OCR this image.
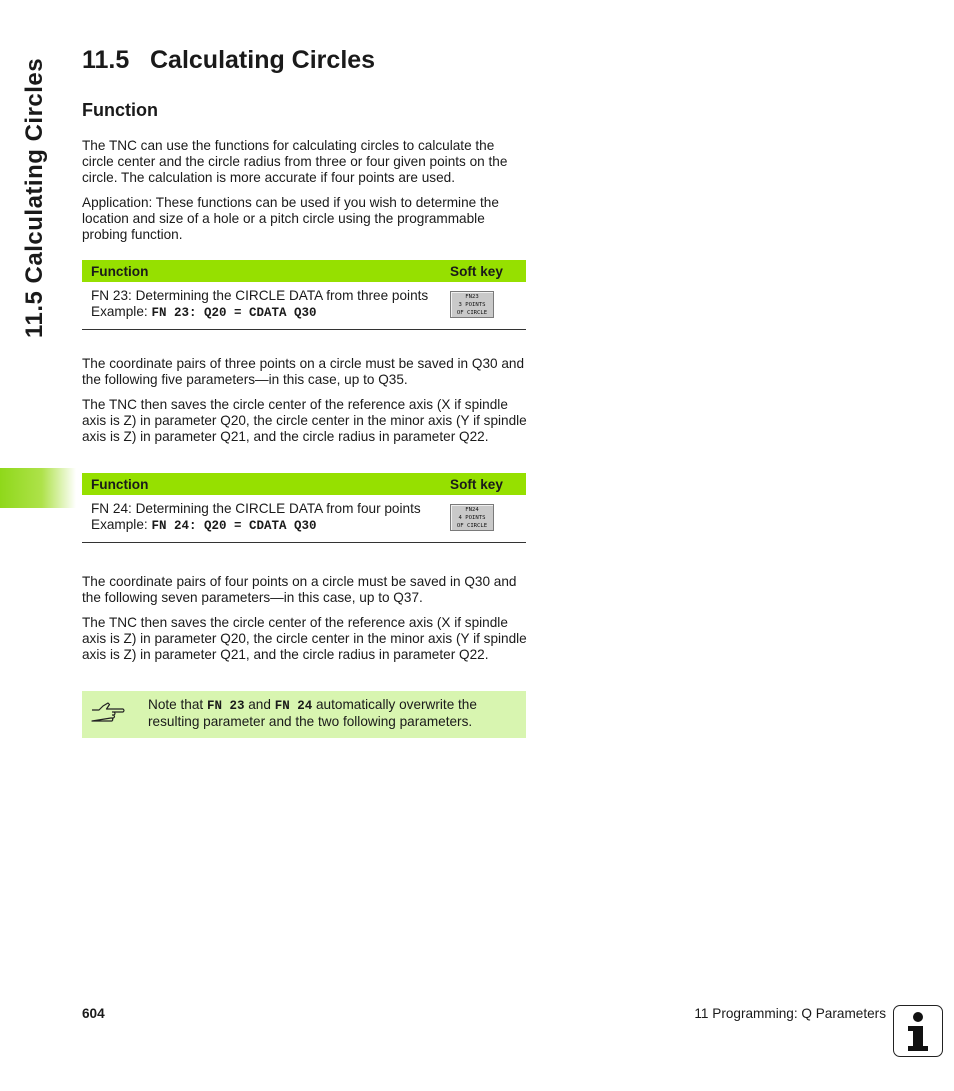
11.5 Calculating Circles 11.5 Calculating Circles
Function

The TNC can use the functions for calculating circles to calculate the circle center and the circle radius from three or four given points on the circle. The calculation is more accurate if four points are used.

Application: These functions can be used if you wish to determine the location and size of a hole or a pitch circle using the programmable probing function.

Function	Soft key
FN 23: Determining the CIRCLE DATA from three points
Example: FN 23: Q20 = CDATA Q30	FN23
3 POINTS
OF CIRCLE

The coordinate pairs of three points on a circle must be saved in Q30 and the following five parameters—in this case, up to Q35.

The TNC then saves the circle center of the reference axis (X if spindle axis is Z) in parameter Q20, the circle center in the minor axis (Y if spindle axis is Z) in parameter Q21, and the circle radius in parameter Q22.

Function	Soft key
FN 24: Determining the CIRCLE DATA from four points
Example: FN 24: Q20 = CDATA Q30	FN24
4 POINTS
OF CIRCLE

The coordinate pairs of four points on a circle must be saved in Q30 and the following seven parameters—in this case, up to Q37.

The TNC then saves the circle center of the reference axis (X if spindle axis is Z) in parameter Q20, the circle center in the minor axis (Y if spindle axis is Z) in parameter Q21, and the circle radius in parameter Q22.

Note that FN 23 and FN 24 automatically overwrite the resulting parameter and the two following parameters.

604	11 Programming: Q Parameters
